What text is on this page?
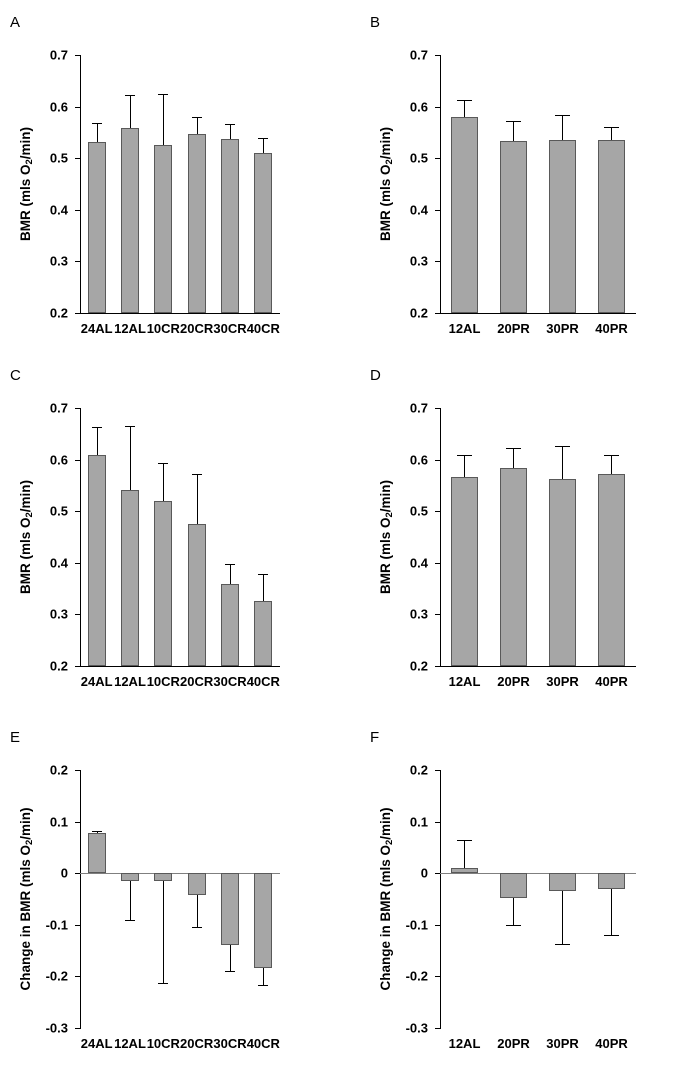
A
0.2
0.3
0.4
0.5
0.6
0.7
BMR (mls $O_2/\min$)
24AL 12AL 10CR 20CR 30CR 40CR
B
0.2
0.3
0.4
0.5
0.6
0.7
BMR (mls $O_2/\min$)
12AL 20PR 30PR 40PR
C
0.2
0.3
0.4
0.5
0.6
0.7
BMR (mls $O_2/\min$)
24AL 12AL 10CR 20CR 30CR 40CR
D
0.2
0.3
0.4
0.5
0.6
0.7
BMR (mls $O_2/\min$)
12AL 20PR 30PR 40PR
E
0.2
0.1
0
-0.1
-0.2
-0.3
Change in BMR (mls $O_2/\min$)
24AL 12AL 10CR 20CR 30CR 40CR
F
0.2
0.1
0
-0.1
-0.2
-0.3
Change in BMR (mls $O_2/\min$)
12AL 20PR 30PR 40PR
